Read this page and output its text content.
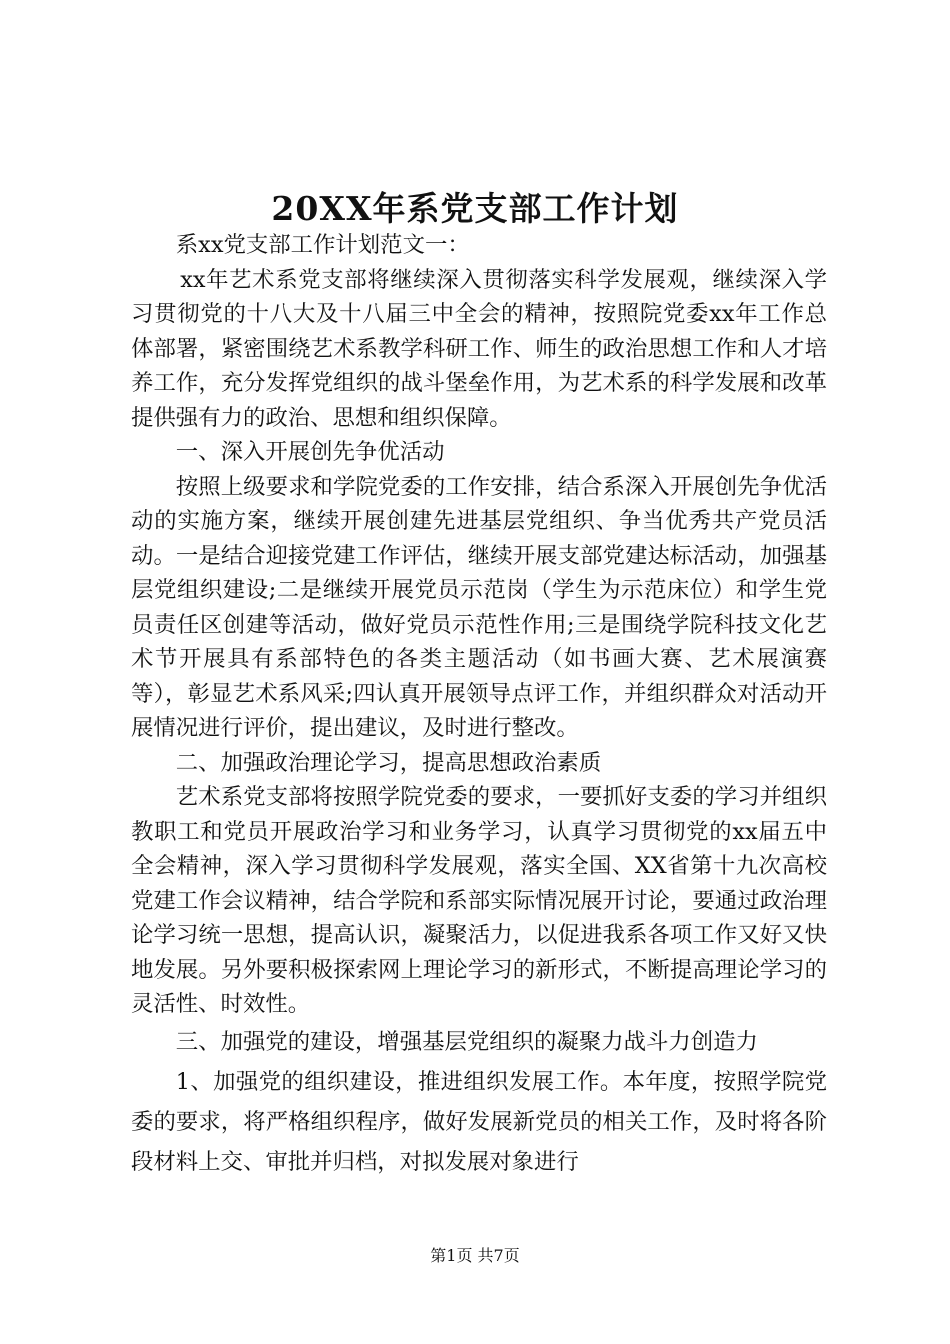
20XX年系党支部工作计划

系xx党支部工作计划范文一：

xx年艺术系党支部将继续深入贯彻落实科学发展观，继续深入学习贯彻党的十八大及十八届三中全会的精神，按照院党委xx年工作总体部署，紧密围绕艺术系教学科研工作、师生的政治思想工作和人才培养工作，充分发挥党组织的战斗堡垒作用，为艺术系的科学发展和改革提供强有力的政治、思想和组织保障。

一、深入开展创先争优活动

按照上级要求和学院党委的工作安排，结合系深入开展创先争优活动的实施方案，继续开展创建先进基层党组织、争当优秀共产党员活动。一是结合迎接党建工作评估，继续开展支部党建达标活动，加强基层党组织建设;二是继续开展党员示范岗（学生为示范床位）和学生党员责任区创建等活动，做好党员示范性作用;三是围绕学院科技文化艺术节开展具有系部特色的各类主题活动（如书画大赛、艺术展演赛等），彰显艺术系风采;四认真开展领导点评工作，并组织群众对活动开展情况进行评价，提出建议，及时进行整改。

二、加强政治理论学习，提高思想政治素质

艺术系党支部将按照学院党委的要求，一要抓好支委的学习并组织教职工和党员开展政治学习和业务学习，认真学习贯彻党的xx届五中全会精神，深入学习贯彻科学发展观，落实全国、XX省第十九次高校党建工作会议精神，结合学院和系部实际情况展开讨论，要通过政治理论学习统一思想，提高认识，凝聚活力，以促进我系各项工作又好又快地发展。另外要积极探索网上理论学习的新形式，不断提高理论学习的灵活性、时效性。

三、加强党的建设，增强基层党组织的凝聚力战斗力创造力

1、加强党的组织建设，推进组织发展工作。本年度，按照学院党委的要求，将严格组织程序，做好发展新党员的相关工作，及时将各阶段材料上交、审批并归档，对拟发展对象进行

第1页 共7页
